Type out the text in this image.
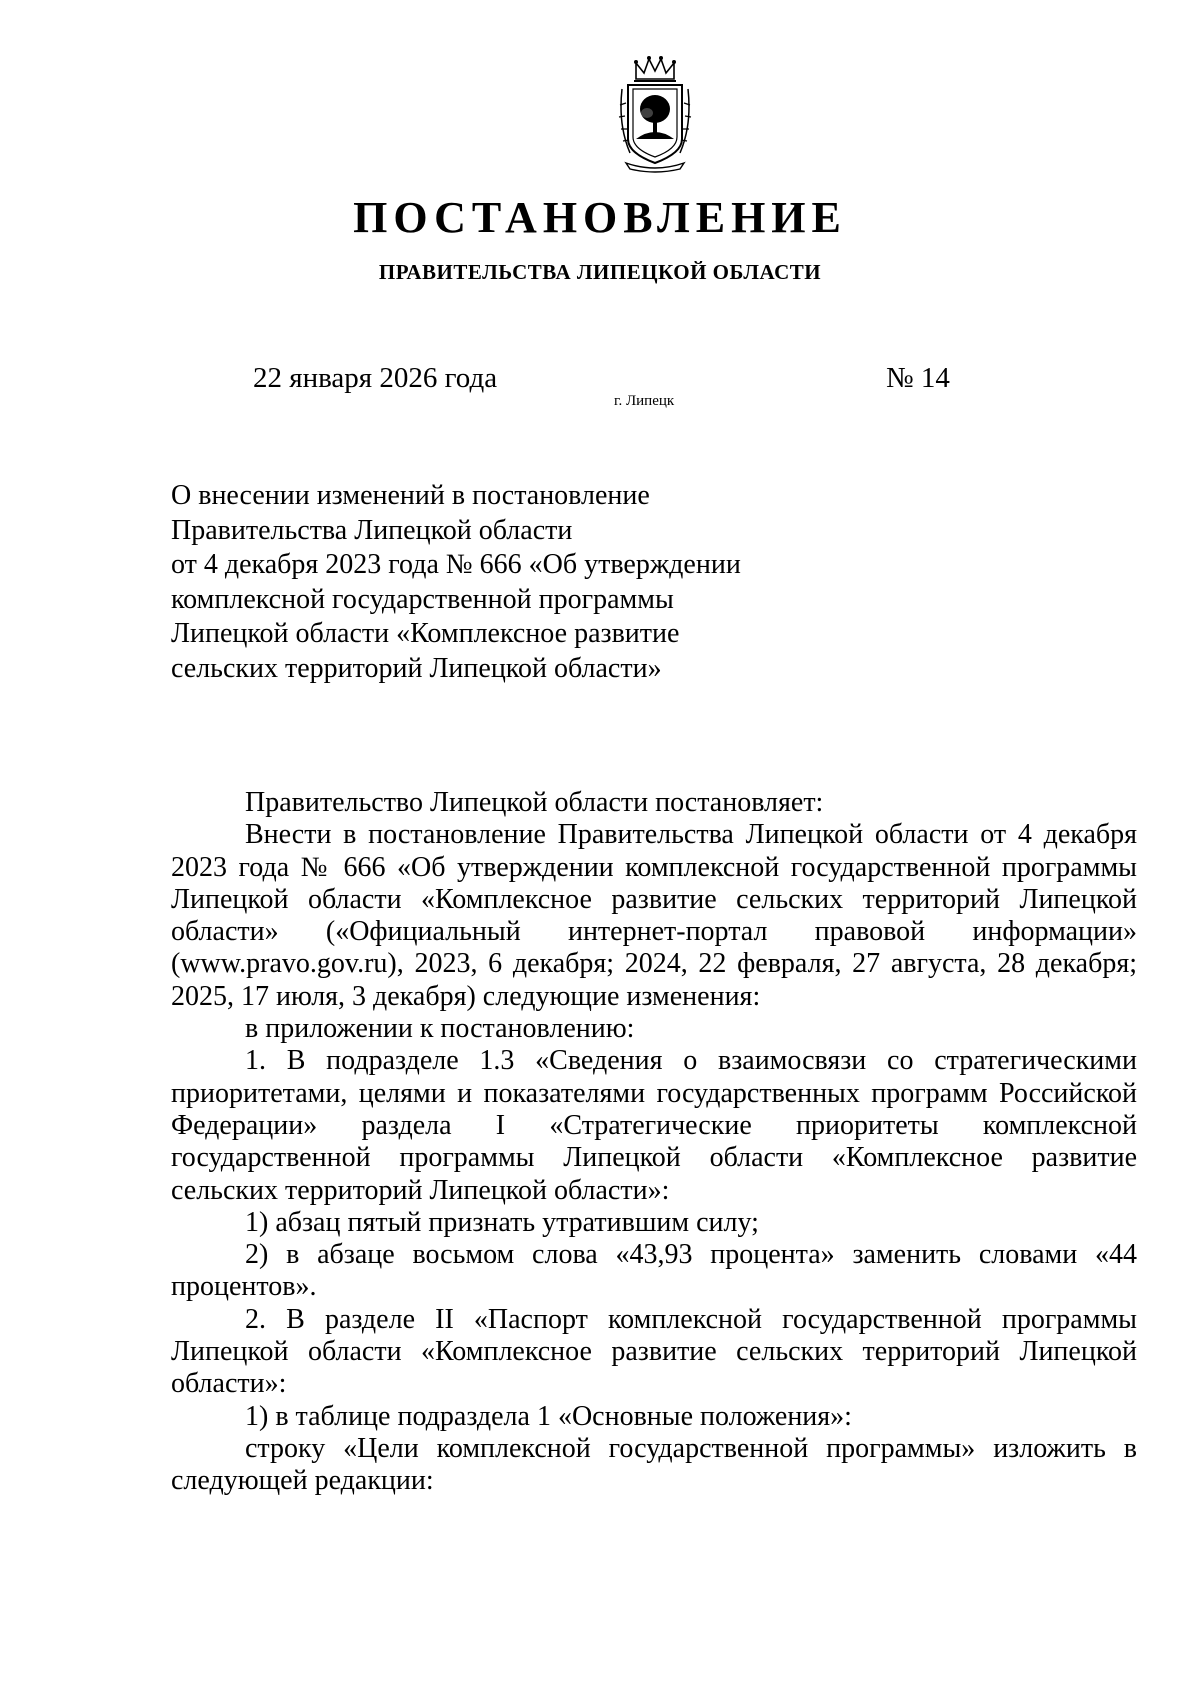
ПОСТАНОВЛЕНИЕ
ПРАВИТЕЛЬСТВА ЛИПЕЦКОЙ ОБЛАСТИ
22 января 2026 года
г. Липецк
№ 14
О внесении изменений в постановление
Правительства Липецкой области
от 4 декабря 2023 года № 666 «Об утверждении
комплексной государственной программы
Липецкой области «Комплексное развитие
сельских территорий Липецкой области»

Правительство Липецкой области постановляет:

Внести в постановление Правительства Липецкой области от 4 декабря 2023 года № 666 «Об утверждении комплексной государственной программы Липецкой области «Комплексное развитие сельских территорий Липецкой области» («Официальный интернет-портал правовой информации» (www.pravo.gov.ru), 2023, 6 декабря; 2024, 22 февраля, 27 августа, 28 декабря; 2025, 17 июля, 3 декабря) следующие изменения:

в приложении к постановлению:

1. В подразделе 1.3 «Сведения о взаимосвязи со стратегическими приоритетами, целями и показателями государственных программ Российской Федерации» раздела I «Стратегические приоритеты комплексной государственной программы Липецкой области «Комплексное развитие сельских территорий Липецкой области»:

1) абзац пятый признать утратившим силу;

2) в абзаце восьмом слова «43,93 процента» заменить словами «44 процентов».

2. В разделе II «Паспорт комплексной государственной программы Липецкой области «Комплексное развитие сельских территорий Липецкой области»:

1) в таблице подраздела 1 «Основные положения»:

строку «Цели комплексной государственной программы» изложить в следующей редакции:
